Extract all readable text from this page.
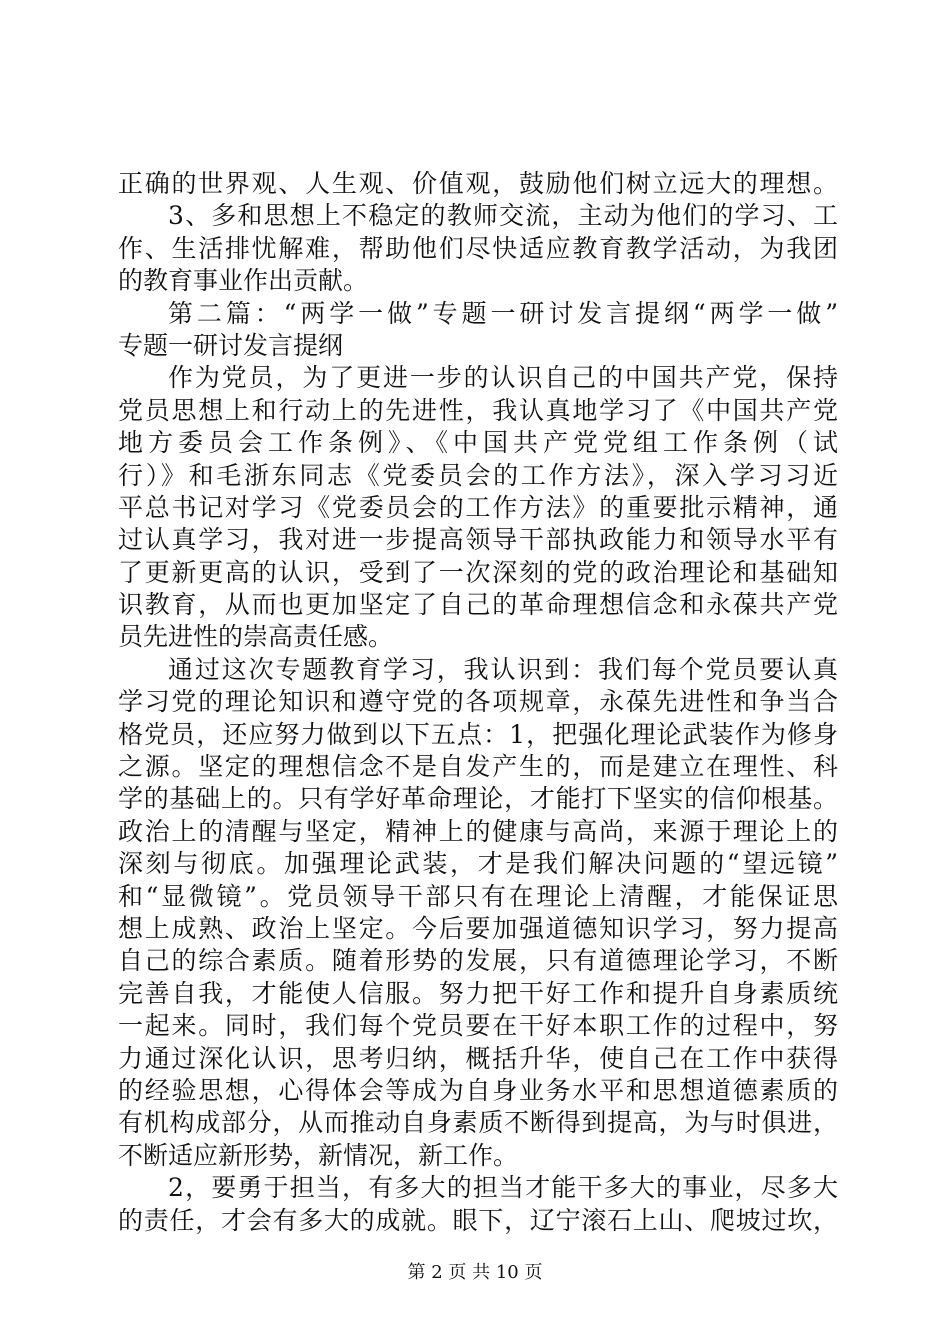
正确的世界观、人生观、价值观，鼓励他们树立远大的理想。
3、多和思想上不稳定的教师交流，主动为他们的学习、工
作、生活排忧解难，帮助他们尽快适应教育教学活动，为我团
的教育事业作出贡献。
第二篇：“两学一做”专题一研讨发言提纲“两学一做”
专题一研讨发言提纲
作为党员，为了更进一步的认识自己的中国共产党，保持
党员思想上和行动上的先进性，我认真地学习了《中国共产党
地方委员会工作条例》、《中国共产党党组工作条例（试
行）》和毛浙东同志《党委员会的工作方法》，深入学习习近
平总书记对学习《党委员会的工作方法》的重要批示精神，通
过认真学习，我对进一步提高领导干部执政能力和领导水平有
了更新更高的认识，受到了一次深刻的党的政治理论和基础知
识教育，从而也更加坚定了自己的革命理想信念和永葆共产党
员先进性的崇高责任感。
通过这次专题教育学习，我认识到：我们每个党员要认真
学习党的理论知识和遵守党的各项规章，永葆先进性和争当合
格党员，还应努力做到以下五点：1，把强化理论武装作为修身
之源。坚定的理想信念不是自发产生的，而是建立在理性、科
学的基础上的。只有学好革命理论，才能打下坚实的信仰根基。
政治上的清醒与坚定，精神上的健康与高尚，来源于理论上的
深刻与彻底。加强理论武装，才是我们解决问题的“望远镜”
和“显微镜”。党员领导干部只有在理论上清醒，才能保证思
想上成熟、政治上坚定。今后要加强道德知识学习，努力提高
自己的综合素质。随着形势的发展，只有道德理论学习，不断
完善自我，才能使人信服。努力把干好工作和提升自身素质统
一起来。同时，我们每个党员要在干好本职工作的过程中，努
力通过深化认识，思考归纳，概括升华，使自己在工作中获得
的经验思想，心得体会等成为自身业务水平和思想道德素质的
有机构成部分，从而推动自身素质不断得到提高，为与时俱进，
不断适应新形势，新情况，新工作。
2，要勇于担当，有多大的担当才能干多大的事业，尽多大
的责任，才会有多大的成就。眼下，辽宁滚石上山、爬坡过坎，
第 2 页 共 10 页
